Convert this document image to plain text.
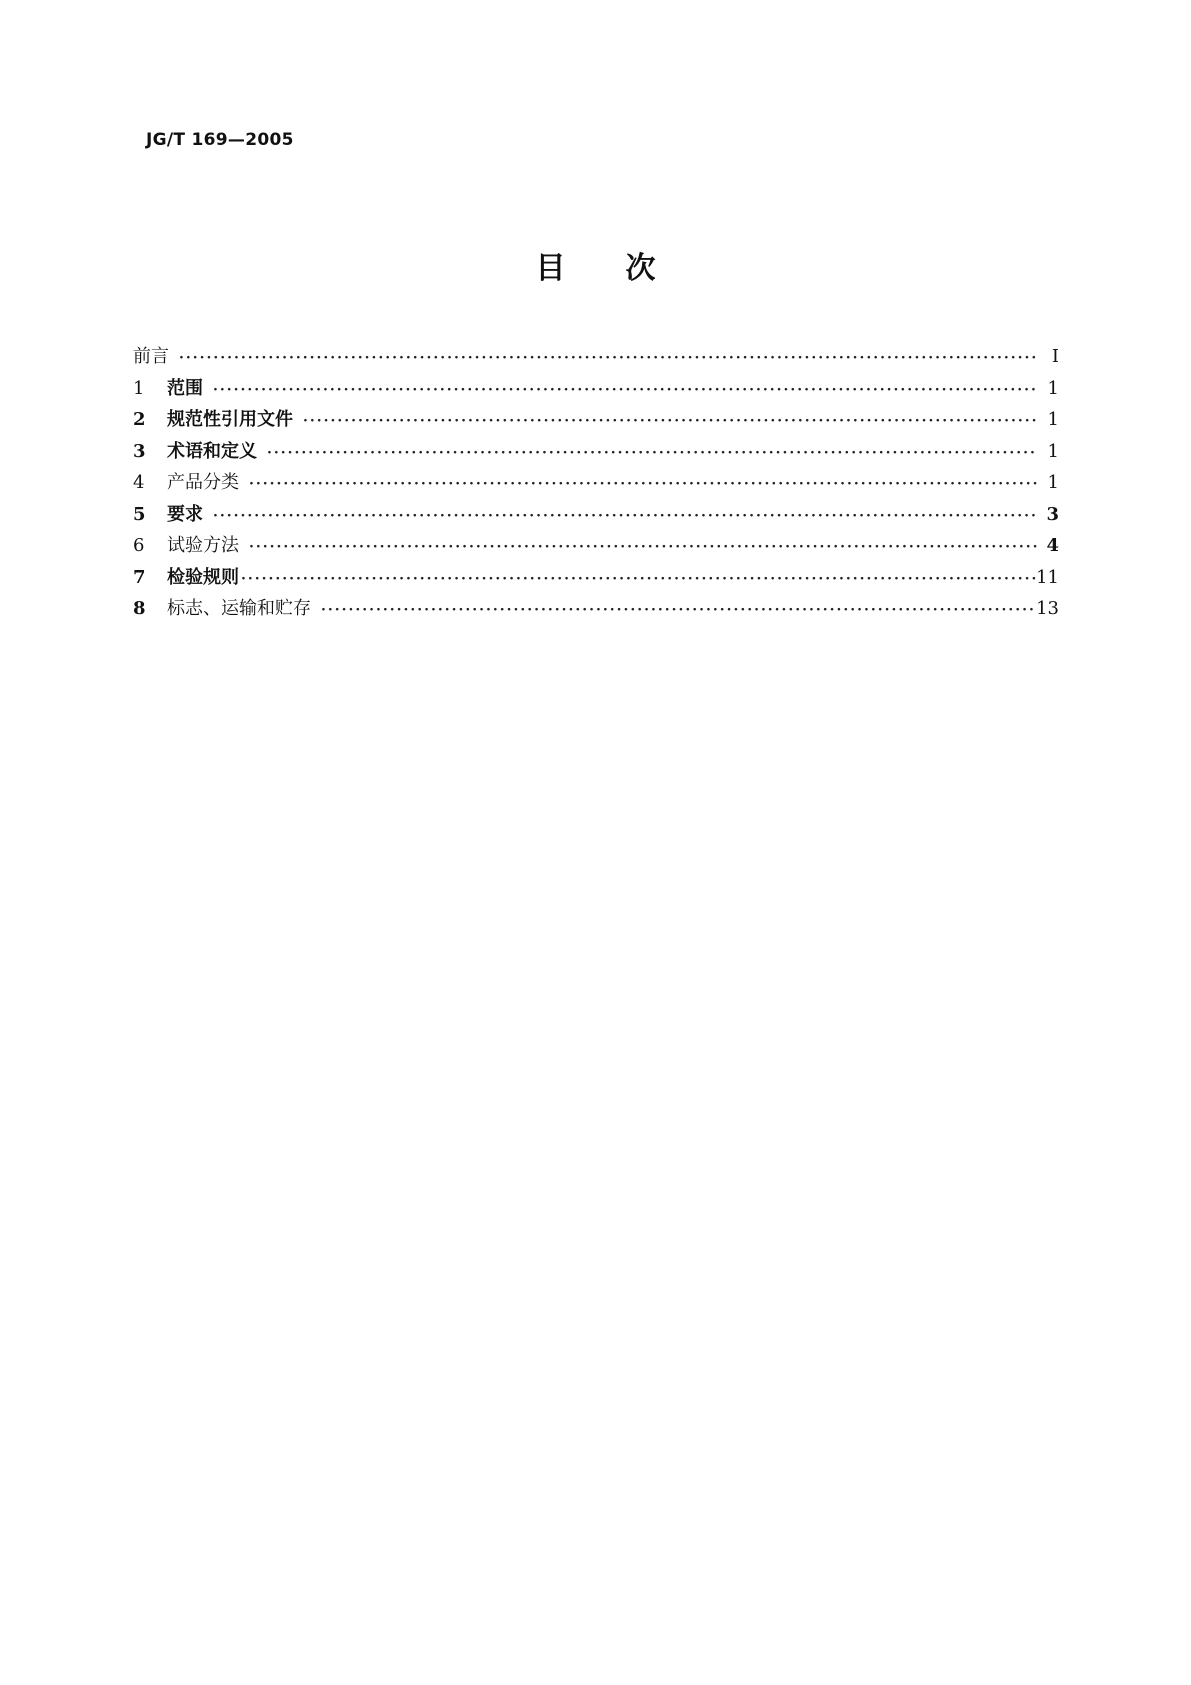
JG/T 169—2005
目 次
前言 ·····	I
1	范围 ·····	1
2	规范性引用文件 ·····	1
3	术语和定义 ·····	1
4	产品分类 ·····	1
5	要求 ·····	3
6	试验方法 ·····	4
7	检验规则 ·····	11
8	标志、运输和贮存 ·····	13
